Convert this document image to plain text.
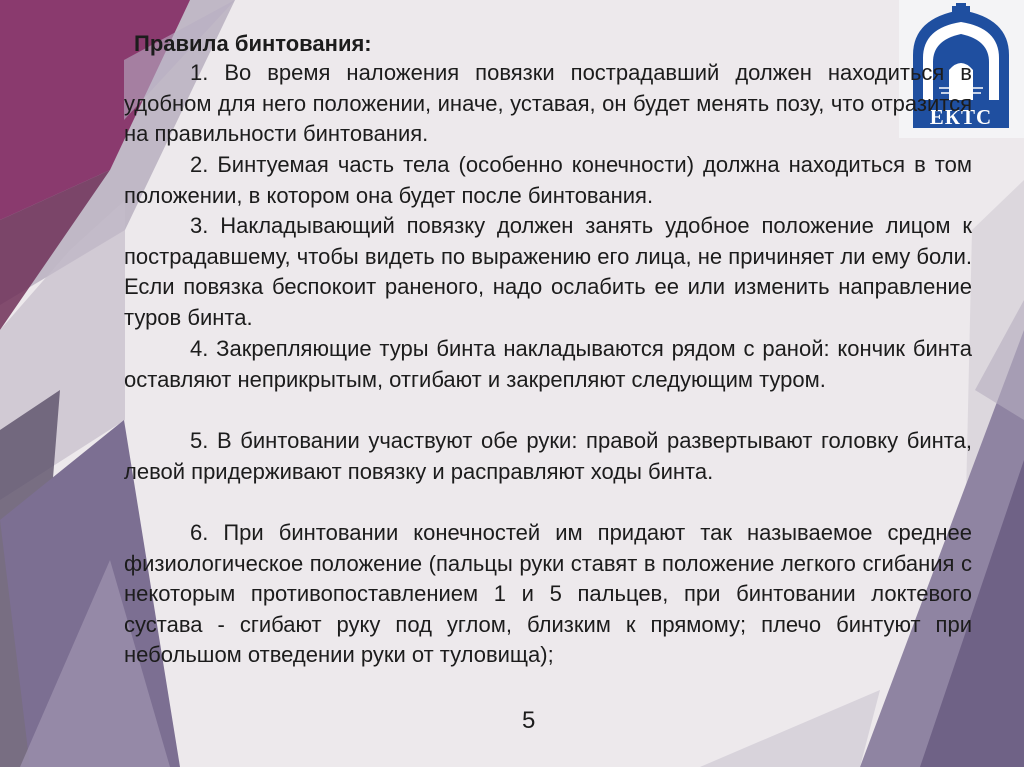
ЕКТС
Правила бинтования:

1. Во время наложения повязки пострадавший должен находиться в удобном для него положении, иначе, уставая, он будет менять позу, что отразится на правильности бинтования.

2. Бинтуемая часть тела (особенно конечности) должна находиться в том положении, в котором она будет после бинтования.

3. Накладывающий повязку должен занять удобное положение лицом к пострадавшему, чтобы видеть по выражению его лица, не причиняет ли ему боли. Если повязка беспокоит раненого, надо ослабить ее или изменить направление туров бинта.

4. Закрепляющие туры бинта накладываются рядом с раной: кончик бинта оставляют неприкрытым, отгибают и закрепляют следующим туром.

5. В бинтовании участвуют обе руки: правой развертывают головку бинта, левой придерживают повязку и расправляют ходы бинта.

6. При бинтовании конечностей им придают так называемое среднее физиологическое положение (пальцы руки ставят в положение легкого сгибания с некоторым противопоставлением 1 и 5 пальцев, при бинтовании локтевого сустава - сгибают руку под углом, близким к прямому; плечо бинтуют при небольшом отведении руки от туловища);

5
